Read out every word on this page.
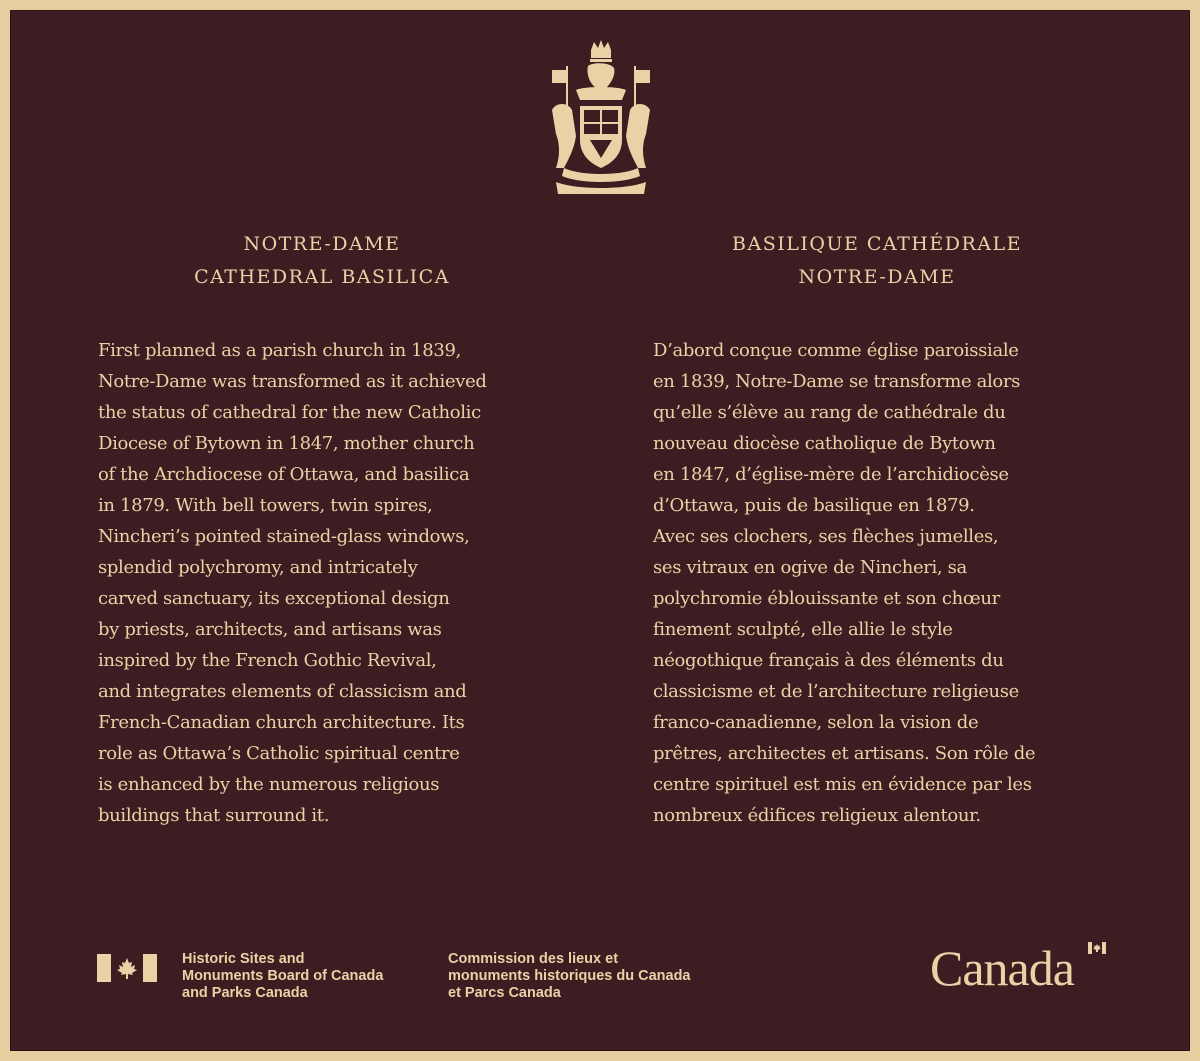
NOTRE-DAME
CATHEDRAL BASILICA
BASILIQUE CATHÉDRALE
NOTRE-DAME
First planned as a parish church in 1839,
Notre-Dame was transformed as it achieved
the status of cathedral for the new Catholic
Diocese of Bytown in 1847, mother church
of the Archdiocese of Ottawa, and basilica
in 1879. With bell towers, twin spires,
Nincheri’s pointed stained-glass windows,
splendid polychromy, and intricately
carved sanctuary, its exceptional design
by priests, architects, and artisans was
inspired by the French Gothic Revival,
and integrates elements of classicism and
French-Canadian church architecture. Its
role as Ottawa’s Catholic spiritual centre
is enhanced by the numerous religious
buildings that surround it.
D’abord conçue comme église paroissiale
en 1839, Notre-Dame se transforme alors
qu’elle s’élève au rang de cathédrale du
nouveau diocèse catholique de Bytown
en 1847, d’église-mère de l’archidiocèse
d’Ottawa, puis de basilique en 1879.
Avec ses clochers, ses flèches jumelles,
ses vitraux en ogive de Nincheri, sa
polychromie éblouissante et son chœur
finement sculpté, elle allie le style
néogothique français à des éléments du
classicisme et de l’architecture religieuse
franco-canadienne, selon la vision de
prêtres, architectes et artisans. Son rôle de
centre spirituel est mis en évidence par les
nombreux édifices religieux alentour.
Historic Sites and
Monuments Board of Canada
and Parks Canada
Commission des lieux et
monuments historiques du Canada
et Parcs Canada	Canada
